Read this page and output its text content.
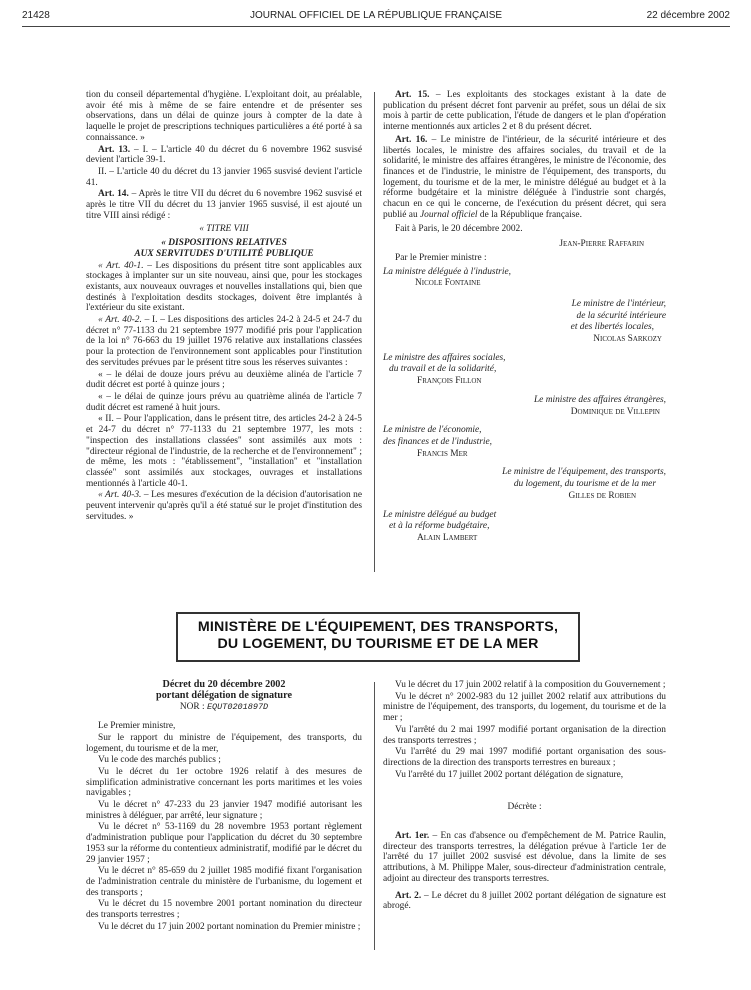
21428	JOURNAL OFFICIEL DE LA RÉPUBLIQUE FRANÇAISE	22 décembre 2002

tion du conseil départemental d'hygiène. L'exploitant doit, au préalable, avoir été mis à même de se faire entendre et de présenter ses observations, dans un délai de quinze jours à compter de la date à laquelle le projet de prescriptions techniques particulières a été porté à sa connaissance. »

Art. 13. – I. – L'article 40 du décret du 6 novembre 1962 susvisé devient l'article 39-1.

II. – L'article 40 du décret du 13 janvier 1965 susvisé devient l'article 41.

Art. 14. – Après le titre VII du décret du 6 novembre 1962 susvisé et après le titre VII du décret du 13 janvier 1965 susvisé, il est ajouté un titre VIII ainsi rédigé :

« TITRE VIII

« DISPOSITIONS RELATIVES

AUX SERVITUDES D'UTILITÉ PUBLIQUE

« Art. 40-1. – Les dispositions du présent titre sont applicables aux stockages à implanter sur un site nouveau, ainsi que, pour les stockages existants, aux nouveaux ouvrages et nouvelles installations qui, bien que destinés à l'exploitation desdits stockages, doivent être implantés à l'extérieur du site existant.

« Art. 40-2. – I. – Les dispositions des articles 24-2 à 24-5 et 24-7 du décret n° 77-1133 du 21 septembre 1977 modifié pris pour l'application de la loi n° 76-663 du 19 juillet 1976 relative aux installations classées pour la protection de l'environnement sont applicables pour l'institution des servitudes prévues par le présent titre sous les réserves suivantes :

« – le délai de douze jours prévu au deuxième alinéa de l'article 7 dudit décret est porté à quinze jours ;

« – le délai de quinze jours prévu au quatrième alinéa de l'article 7 dudit décret est ramené à huit jours.

« II. – Pour l'application, dans le présent titre, des articles 24-2 à 24-5 et 24-7 du décret n° 77-1133 du 21 septembre 1977, les mots : "inspection des installations classées" sont assimilés aux mots : "directeur régional de l'industrie, de la recherche et de l'environnement" ; de même, les mots : "établissement", "installation" et "installation classée" sont assimilés aux stockages, ouvrages et installations mentionnés à l'article 40-1.

« Art. 40-3. – Les mesures d'exécution de la décision d'autorisation ne peuvent intervenir qu'après qu'il a été statué sur le projet d'institution des servitudes. »

Art. 15. – Les exploitants des stockages existant à la date de publication du présent décret font parvenir au préfet, sous un délai de six mois à partir de cette publication, l'étude de dangers et le plan d'opération interne mentionnés aux articles 2 et 8 du présent décret.

Art. 16. – Le ministre de l'intérieur, de la sécurité intérieure et des libertés locales, le ministre des affaires sociales, du travail et de la solidarité, le ministre des affaires étrangères, le ministre de l'économie, des finances et de l'industrie, le ministre de l'équipement, des transports, du logement, du tourisme et de la mer, le ministre délégué au budget et à la réforme budgétaire et la ministre déléguée à l'industrie sont chargés, chacun en ce qui le concerne, de l'exécution du présent décret, qui sera publié au Journal officiel de la République française.

Fait à Paris, le 20 décembre 2002.

Jean-Pierre Raffarin

Par le Premier ministre :

La ministre déléguée à l'industrie,

Nicole Fontaine

Le ministre de l'intérieur,

de la sécurité intérieure

et des libertés locales,

Nicolas Sarkozy

Le ministre des affaires sociales,

du travail et de la solidarité,

François Fillon

Le ministre des affaires étrangères,

Dominique de Villepin

Le ministre de l'économie,

des finances et de l'industrie,

Francis Mer

Le ministre de l'équipement, des transports,

du logement, du tourisme et de la mer

Gilles de Robien

Le ministre délégué au budget

et à la réforme budgétaire,

Alain Lambert

MINISTÈRE DE L'ÉQUIPEMENT, DES TRANSPORTS,
DU LOGEMENT, DU TOURISME ET DE LA MER

Décret du 20 décembre 2002

portant délégation de signature

NOR : EQUT0201897D

Le Premier ministre,

Sur le rapport du ministre de l'équipement, des transports, du logement, du tourisme et de la mer,

Vu le code des marchés publics ;

Vu le décret du 1er octobre 1926 relatif à des mesures de simplification administrative concernant les ports maritimes et les voies navigables ;

Vu le décret n° 47-233 du 23 janvier 1947 modifié autorisant les ministres à déléguer, par arrêté, leur signature ;

Vu le décret n° 53-1169 du 28 novembre 1953 portant règlement d'administration publique pour l'application du décret du 30 septembre 1953 sur la réforme du contentieux administratif, modifié par le décret du 29 janvier 1957 ;

Vu le décret n° 85-659 du 2 juillet 1985 modifié fixant l'organisation de l'administration centrale du ministère de l'urbanisme, du logement et des transports ;

Vu le décret du 15 novembre 2001 portant nomination du directeur des transports terrestres ;

Vu le décret du 17 juin 2002 portant nomination du Premier ministre ;

Vu le décret du 17 juin 2002 relatif à la composition du Gouvernement ;

Vu le décret n° 2002-983 du 12 juillet 2002 relatif aux attributions du ministre de l'équipement, des transports, du logement, du tourisme et de la mer ;

Vu l'arrêté du 2 mai 1997 modifié portant organisation de la direction des transports terrestres ;

Vu l'arrêté du 29 mai 1997 modifié portant organisation des sous-directions de la direction des transports terrestres en bureaux ;

Vu l'arrêté du 17 juillet 2002 portant délégation de signature,

Décrète :

Art. 1er. – En cas d'absence ou d'empêchement de M. Patrice Raulin, directeur des transports terrestres, la délégation prévue à l'article 1er de l'arrêté du 17 juillet 2002 susvisé est dévolue, dans la limite de ses attributions, à M. Philippe Maler, sous-directeur d'administration centrale, adjoint au directeur des transports terrestres.

Art. 2. – Le décret du 8 juillet 2002 portant délégation de signature est abrogé.
